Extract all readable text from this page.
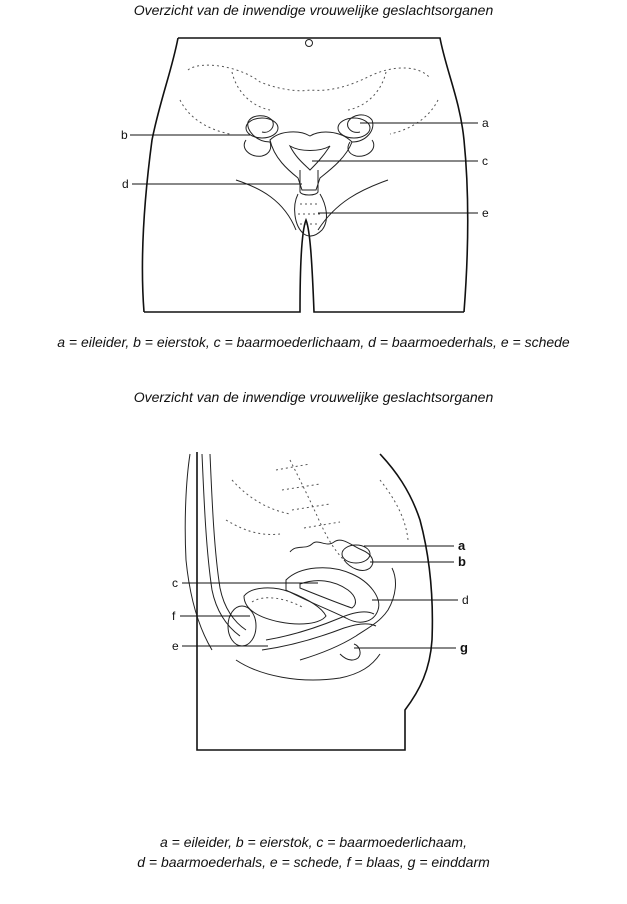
Overzicht van de inwendige vrouwelijke geslachtsorganen
b
a
c
d
e
a = eileider, b = eierstok, c = baarmoederlichaam, d = baarmoederhals, e = schede
Overzicht van de inwendige vrouwelijke geslachtsorganen
a
b
c
d
f
e	g
a = eileider, b = eierstok, c = baarmoederlichaam,
d = baarmoederhals, e = schede, f = blaas, g = einddarm
